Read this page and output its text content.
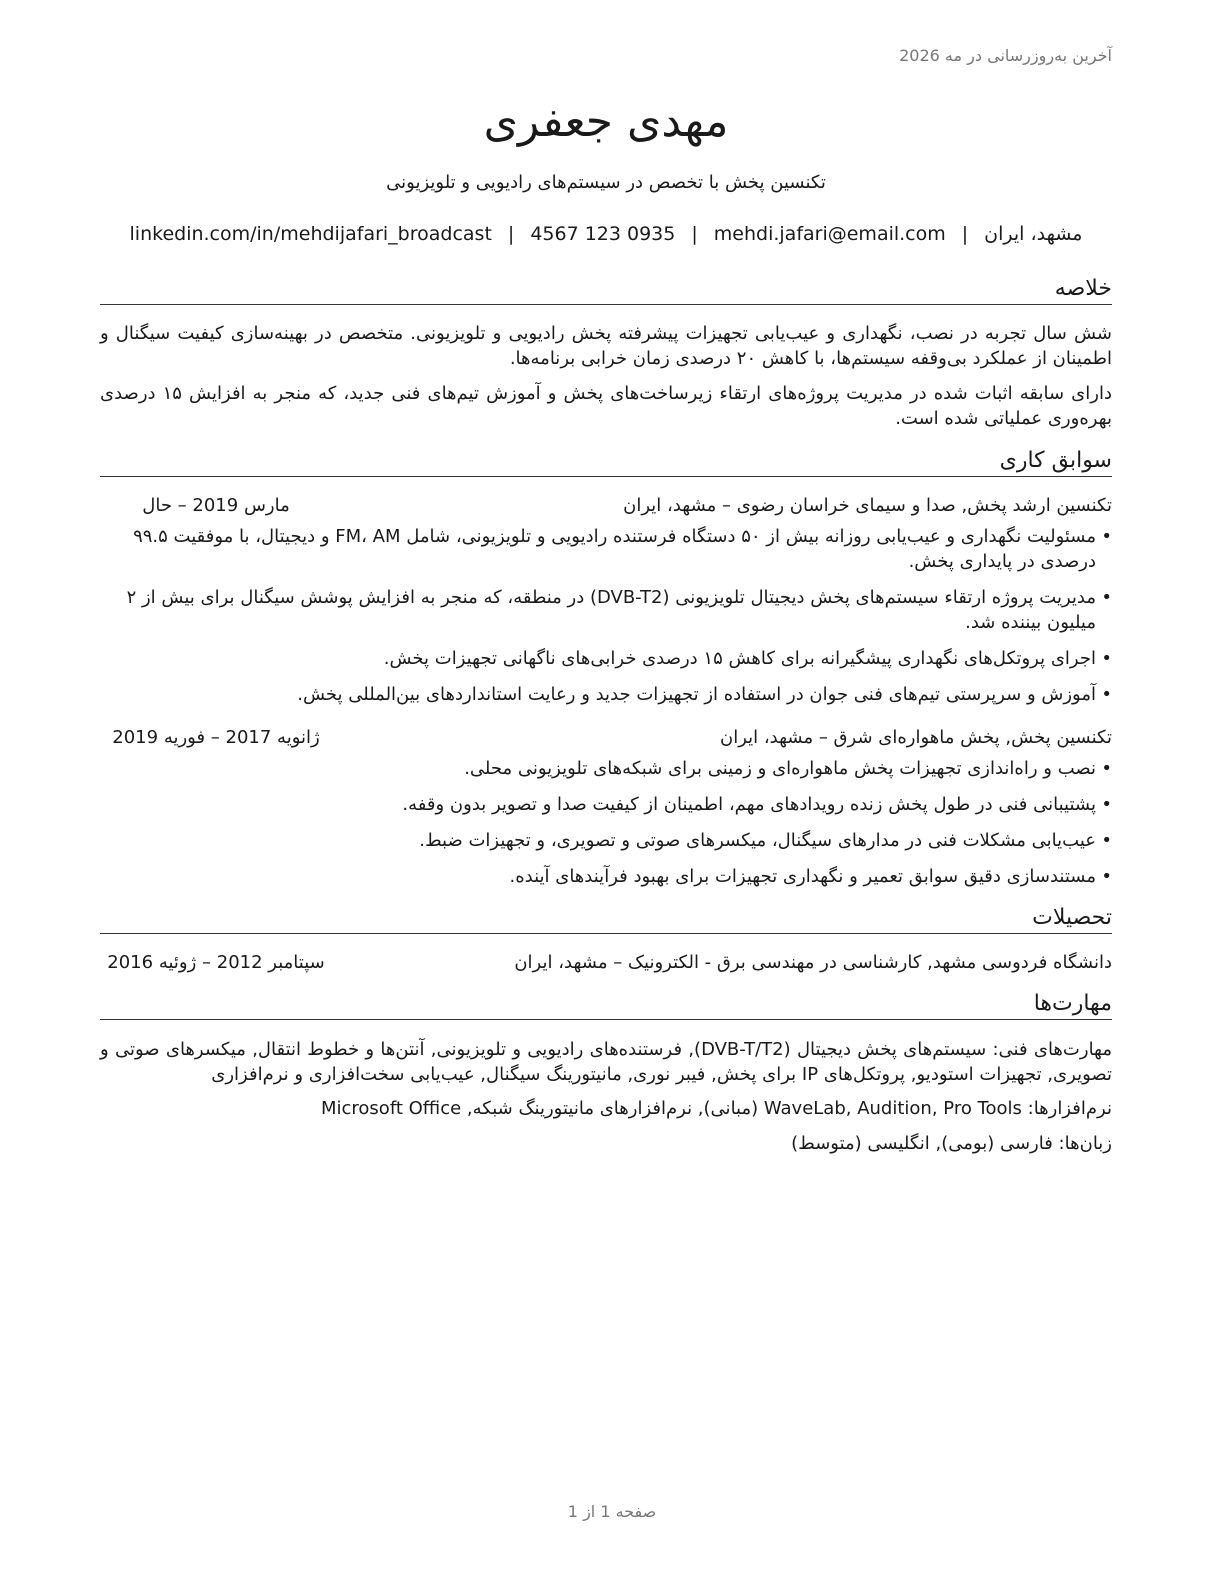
آخرین به‌روزرسانی در مه 2026
مهدی جعفری
تکنسین پخش با تخصص در سیستم‌های رادیویی و تلویزیونی
مشهد، ایران|mehdi.jafari@email.com|4567 123 0935|linkedin.com/in/mehdijafari_broadcast
خلاصه

شش سال تجربه در نصب، نگهداری و عیب‌یابی تجهیزات پیشرفته پخش رادیویی و تلویزیونی. متخصص در بهینه‌سازی کیفیت سیگنال و اطمینان از عملکرد بی‌وقفه سیستم‌ها، با کاهش ۲۰ درصدی زمان خرابی برنامه‌ها.

دارای سابقه اثبات شده در مدیریت پروژه‌های ارتقاء زیرساخت‌های پخش و آموزش تیم‌های فنی جدید، که منجر به افزایش ۱۵ درصدی بهره‌وری عملیاتی شده است.

سوابق کاری
تکنسین ارشد پخش, صدا و سیمای خراسان رضوی – مشهد، ایران
مارس 2019 – حال
• مسئولیت نگهداری و عیب‌یابی روزانه بیش از ۵۰ دستگاه فرستنده رادیویی و تلویزیونی، شامل FM، AM و دیجیتال، با موفقیت ۹۹.۵ درصدی در پایداری پخش.
• مدیریت پروژه ارتقاء سیستم‌های پخش دیجیتال تلویزیونی (DVB-T2) در منطقه، که منجر به افزایش پوشش سیگنال برای بیش از ۲ میلیون بیننده شد.
• اجرای پروتکل‌های نگهداری پیشگیرانه برای کاهش ۱۵ درصدی خرابی‌های ناگهانی تجهیزات پخش.
• آموزش و سرپرستی تیم‌های فنی جوان در استفاده از تجهیزات جدید و رعایت استانداردهای بین‌المللی پخش.
تکنسین پخش, پخش ماهواره‌ای شرق – مشهد، ایران
ژانویه 2017 – فوریه 2019
• نصب و راه‌اندازی تجهیزات پخش ماهواره‌ای و زمینی برای شبکه‌های تلویزیونی محلی.
• پشتیبانی فنی در طول پخش زنده رویدادهای مهم، اطمینان از کیفیت صدا و تصویر بدون وقفه.
• عیب‌یابی مشکلات فنی در مدارهای سیگنال، میکسرهای صوتی و تصویری، و تجهیزات ضبط.
• مستندسازی دقیق سوابق تعمیر و نگهداری تجهیزات برای بهبود فرآیندهای آینده.
تحصیلات
دانشگاه فردوسی مشهد, کارشناسی در مهندسی برق - الکترونیک – مشهد، ایران
سپتامبر 2012 – ژوئیه 2016
مهارت‌ها

مهارت‌های فنی: سیستم‌های پخش دیجیتال (DVB-T/T2), فرستنده‌های رادیویی و تلویزیونی, آنتن‌ها و خطوط انتقال, میکسرهای صوتی و تصویری, تجهیزات استودیو, پروتکل‌های IP برای پخش, فیبر نوری, مانیتورینگ سیگنال, عیب‌یابی سخت‌افزاری و نرم‌افزاری

نرم‌افزارها: WaveLab, Audition, Pro Tools (مبانی), نرم‌افزارهای مانیتورینگ شبکه, Microsoft Office

زبان‌ها: فارسی (بومی), انگلیسی (متوسط)

صفحه 1 از 1
